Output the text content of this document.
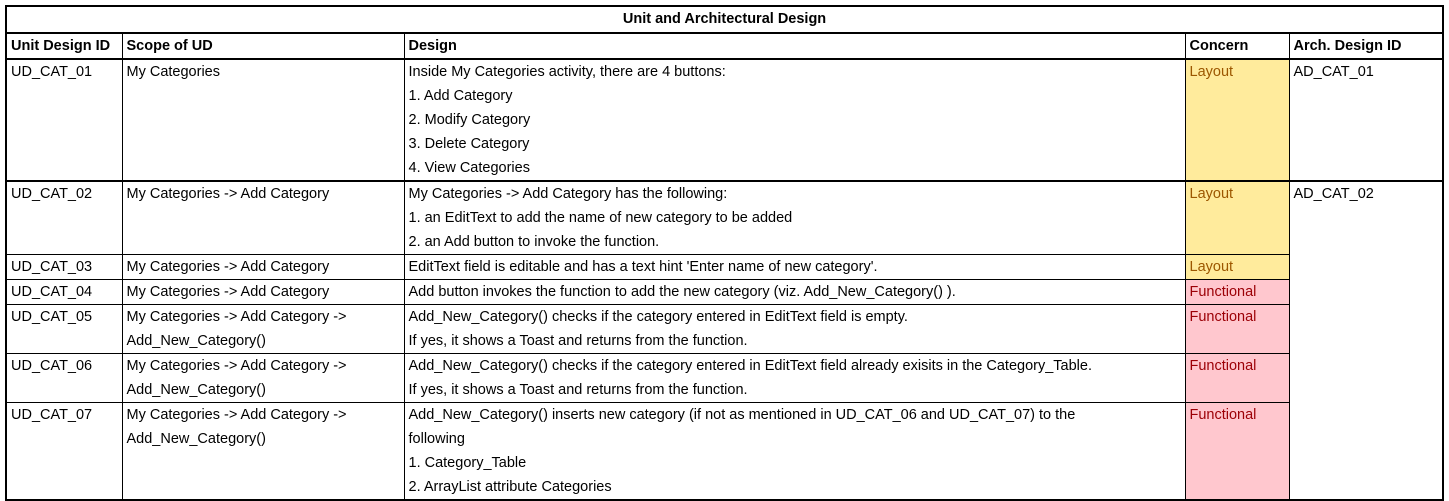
Unit and Architectural Design				
Unit Design ID	Scope of UD	Design	Concern	Arch. Design ID
UD_CAT_01	My Categories	Inside My Categories activity, there are 4 buttons:
1. Add Category
2. Modify Category
3. Delete Category
4. View Categories	Layout	AD_CAT_01
UD_CAT_02	My Categories -> Add Category	My Categories -> Add Category has the following:
1. an EditText to add the name of new category to be added
2. an Add button to invoke the function.	Layout	AD_CAT_02
UD_CAT_03	My Categories -> Add Category	EditText field is editable and has a text hint 'Enter name of new category'.	Layout	
UD_CAT_04	My Categories -> Add Category	Add button invokes the function to add the new category (viz. Add_New_Category() ).	Functional	
UD_CAT_05	My Categories -> Add Category ->
Add_New_Category()	Add_New_Category() checks if the category entered in EditText field is empty.
If yes, it shows a Toast and returns from the function.	Functional	
UD_CAT_06	My Categories -> Add Category ->
Add_New_Category()	Add_New_Category() checks if the category entered in EditText field already exisits in the Category_Table.
If yes, it shows a Toast and returns from the function.	Functional	
UD_CAT_07	My Categories -> Add Category ->
Add_New_Category()	Add_New_Category() inserts new category (if not as mentioned in UD_CAT_06 and UD_CAT_07) to the
following
1. Category_Table
2. ArrayList attribute Categories	Functional	
